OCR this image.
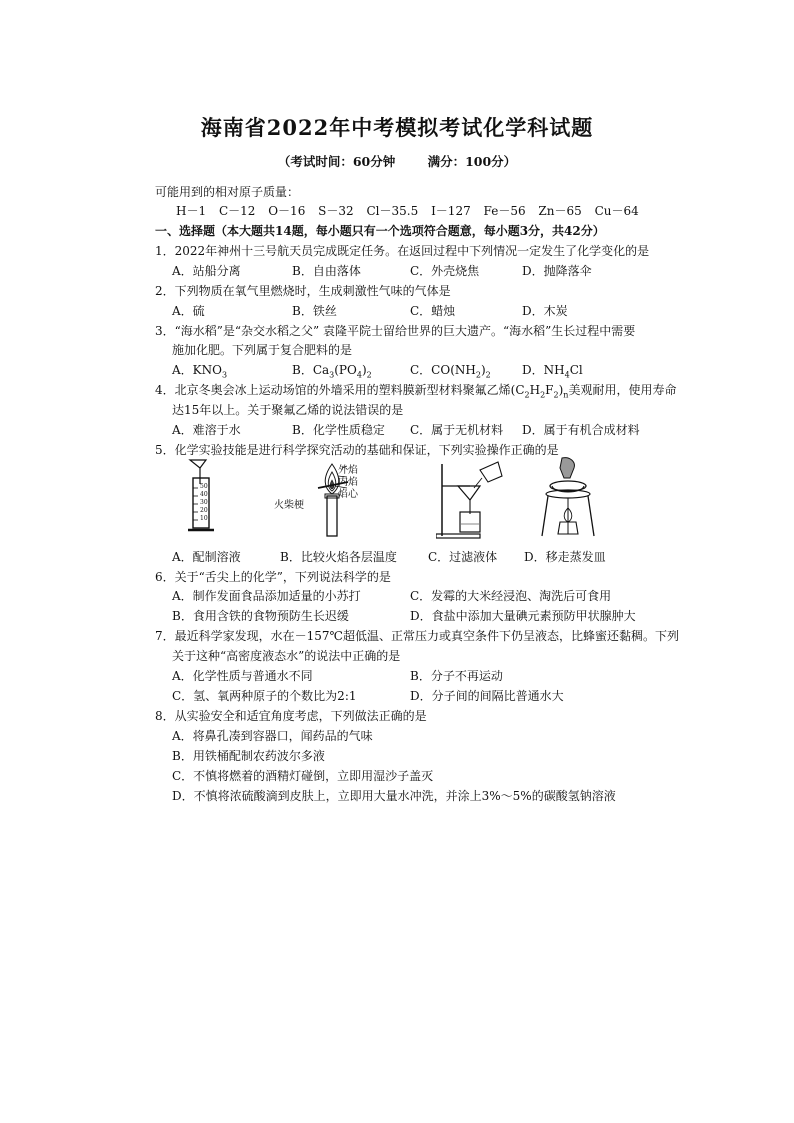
海南省2022年中考模拟考试化学科试题
（考试时间：60分钟	满分：100分）
可能用到的相对原子质量：
H－1 C－12 O－16 S－32 Cl－35.5 I－127 Fe－56 Zn－65 Cu－64
一、选择题（本大题共14题，每小题只有一个选项符合题意，每小题3分，共42分）
1．2022年神州十三号航天员完成既定任务。在返回过程中下列情况一定发生了化学变化的是
A．站船分离	B．自由落体	C．外壳烧焦	D．抛降落伞
2．下列物质在氧气里燃烧时，生成刺激性气味的气体是
A．硫	B．铁丝	C．蜡烛	D．木炭
3．“海水稻”是“杂交水稻之父” 袁隆平院士留给世界的巨大遗产。“海水稻”生长过程中需要
施加化肥。下列属于复合肥料的是
A．$KNO_3$	B．$Ca_3(PO_4)_2$	C．$CO(NH_2)_2$	D．$NH_4Cl$
4．北京冬奥会冰上运动场馆的外墙采用的塑料膜新型材料聚氟乙烯$(C_2H_2F_2)_n$美观耐用，使用寿命
达15年以上。关于聚氟乙烯的说法错误的是
A．难溶于水	B．化学性质稳定 C．属于无机材料 D．属于有机合成材料
5．化学实验技能是进行科学探究活动的基础和保证，下列实验操作正确的是
50
40
30
20
10
外焰
内焰
焰心
火柴梗
A．配制溶液	B．比较火焰各层温度	C．过滤液体 D．移走蒸发皿
6．关于“舌尖上的化学”，下列说法科学的是
A．制作发面食品添加适量的小苏打	C．发霉的大米经浸泡、淘洗后可食用
B．食用含铁的食物预防生长迟缓	D．食盐中添加大量碘元素预防甲状腺肿大
7．最近科学家发现，水在－157℃超低温、正常压力或真空条件下仍呈液态，比蜂蜜还黏稠。下列
关于这种“高密度液态水”的说法中正确的是
A．化学性质与普通水不同	B．分子不再运动
C．氢、氧两种原子的个数比为2:1	D．分子间的间隔比普通水大
8．从实验安全和适宜角度考虑，下列做法正确的是
A．将鼻孔凑到容器口，闻药品的气味
B．用铁桶配制农药波尔多液
C．不慎将燃着的酒精灯碰倒，立即用湿沙子盖灭
D．不慎将浓硫酸滴到皮肤上，立即用大量水冲洗，并涂上3%～5%的碳酸氢钠溶液
